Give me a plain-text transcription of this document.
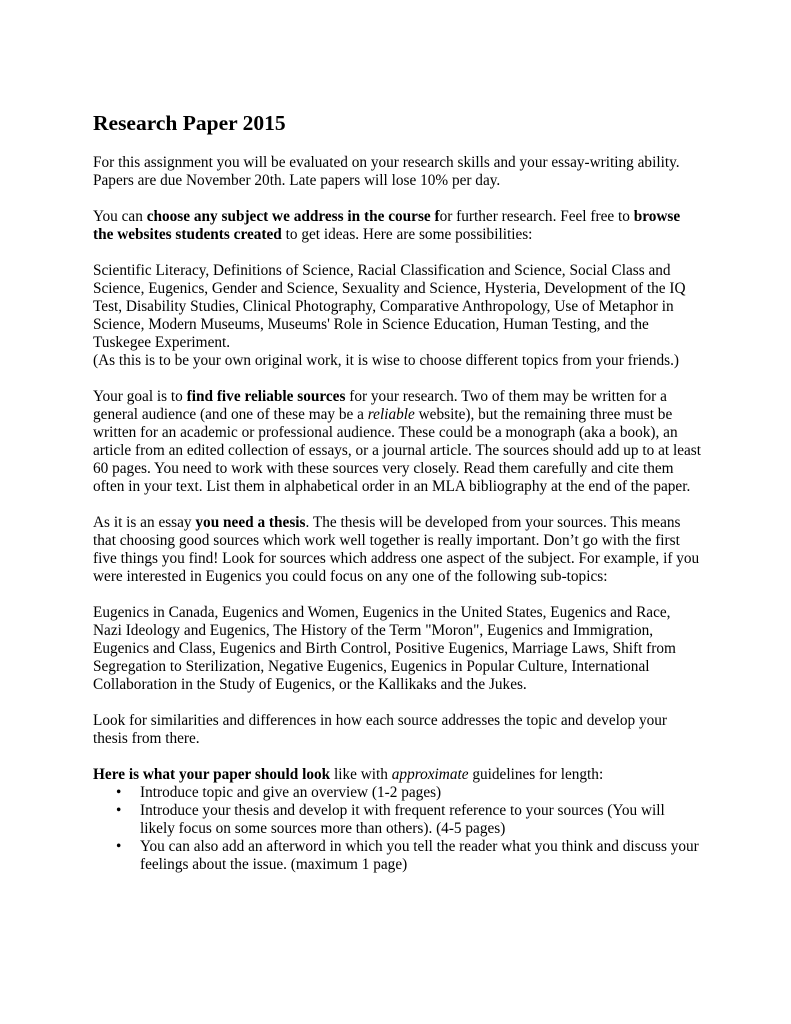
Research Paper 2015

For this assignment you will be evaluated on your research skills and your essay-writing ability.
Papers are due November 20th. Late papers will lose 10% per day.

You can choose any subject we address in the course for further research. Feel free to browse the websites students created to get ideas. Here are some possibilities:

Scientific Literacy, Definitions of Science, Racial Classification and Science, Social Class and Science, Eugenics, Gender and Science, Sexuality and Science, Hysteria, Development of the IQ Test, Disability Studies, Clinical Photography, Comparative Anthropology, Use of Metaphor in Science, Modern Museums, Museums' Role in Science Education, Human Testing, and the Tuskegee Experiment.
(As this is to be your own original work, it is wise to choose different topics from your friends.)

Your goal is to find five reliable sources for your research. Two of them may be written for a general audience (and one of these may be a reliable website), but the remaining three must be written for an academic or professional audience. These could be a monograph (aka a book), an article from an edited collection of essays, or a journal article. The sources should add up to at least 60 pages. You need to work with these sources very closely. Read them carefully and cite them often in your text. List them in alphabetical order in an MLA bibliography at the end of the paper.

As it is an essay you need a thesis. The thesis will be developed from your sources. This means that choosing good sources which work well together is really important. Don’t go with the first five things you find! Look for sources which address one aspect of the subject. For example, if you were interested in Eugenics you could focus on any one of the following sub-topics:

Eugenics in Canada, Eugenics and Women, Eugenics in the United States, Eugenics and Race, Nazi Ideology and Eugenics, The History of the Term "Moron", Eugenics and Immigration, Eugenics and Class, Eugenics and Birth Control, Positive Eugenics, Marriage Laws, Shift from Segregation to Sterilization, Negative Eugenics, Eugenics in Popular Culture, International Collaboration in the Study of Eugenics, or the Kallikaks and the Jukes.

Look for similarities and differences in how each source addresses the topic and develop your thesis from there.

Here is what your paper should look like with approximate guidelines for length:
• Introduce topic and give an overview (1-2 pages)
• Introduce your thesis and develop it with frequent reference to your sources (You will likely focus on some sources more than others). (4-5 pages)
• You can also add an afterword in which you tell the reader what you think and discuss your feelings about the issue. (maximum 1 page)
